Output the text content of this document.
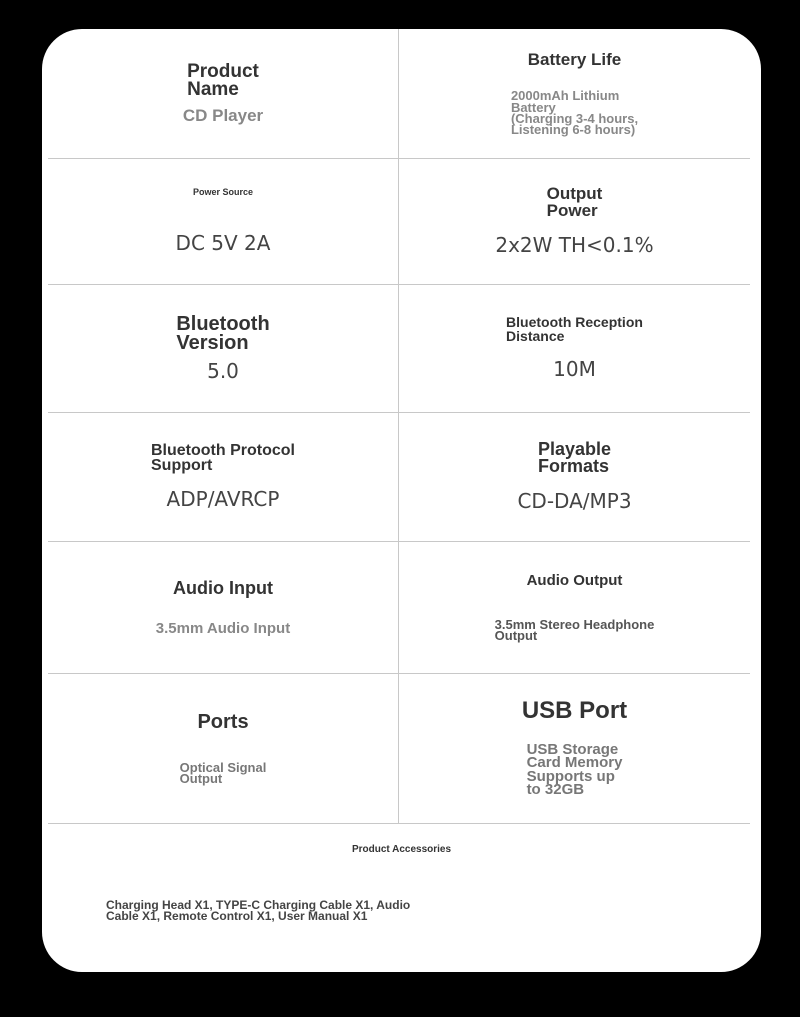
Product
Name
CD Player
Battery Life
2000mAh Lithium
Battery
(Charging 3-4 hours,
Listening 6-8 hours)
Power Source
DC 5V 2A
Output
Power
2x2W TH<0.1%
Bluetooth
Version
5.0
Bluetooth Reception
Distance
10M
Bluetooth Protocol
Support
ADP/AVRCP
Playable
Formats
CD-DA/MP3
Audio Input
3.5mm Audio Input
Audio Output
3.5mm Stereo Headphone
Output
Ports
Optical Signal
Output
USB Port
USB Storage
Card Memory
Supports up
to 32GB
Product Accessories
Charging Head X1, TYPE-C Charging Cable X1, Audio
Cable X1, Remote Control X1, User Manual X1
